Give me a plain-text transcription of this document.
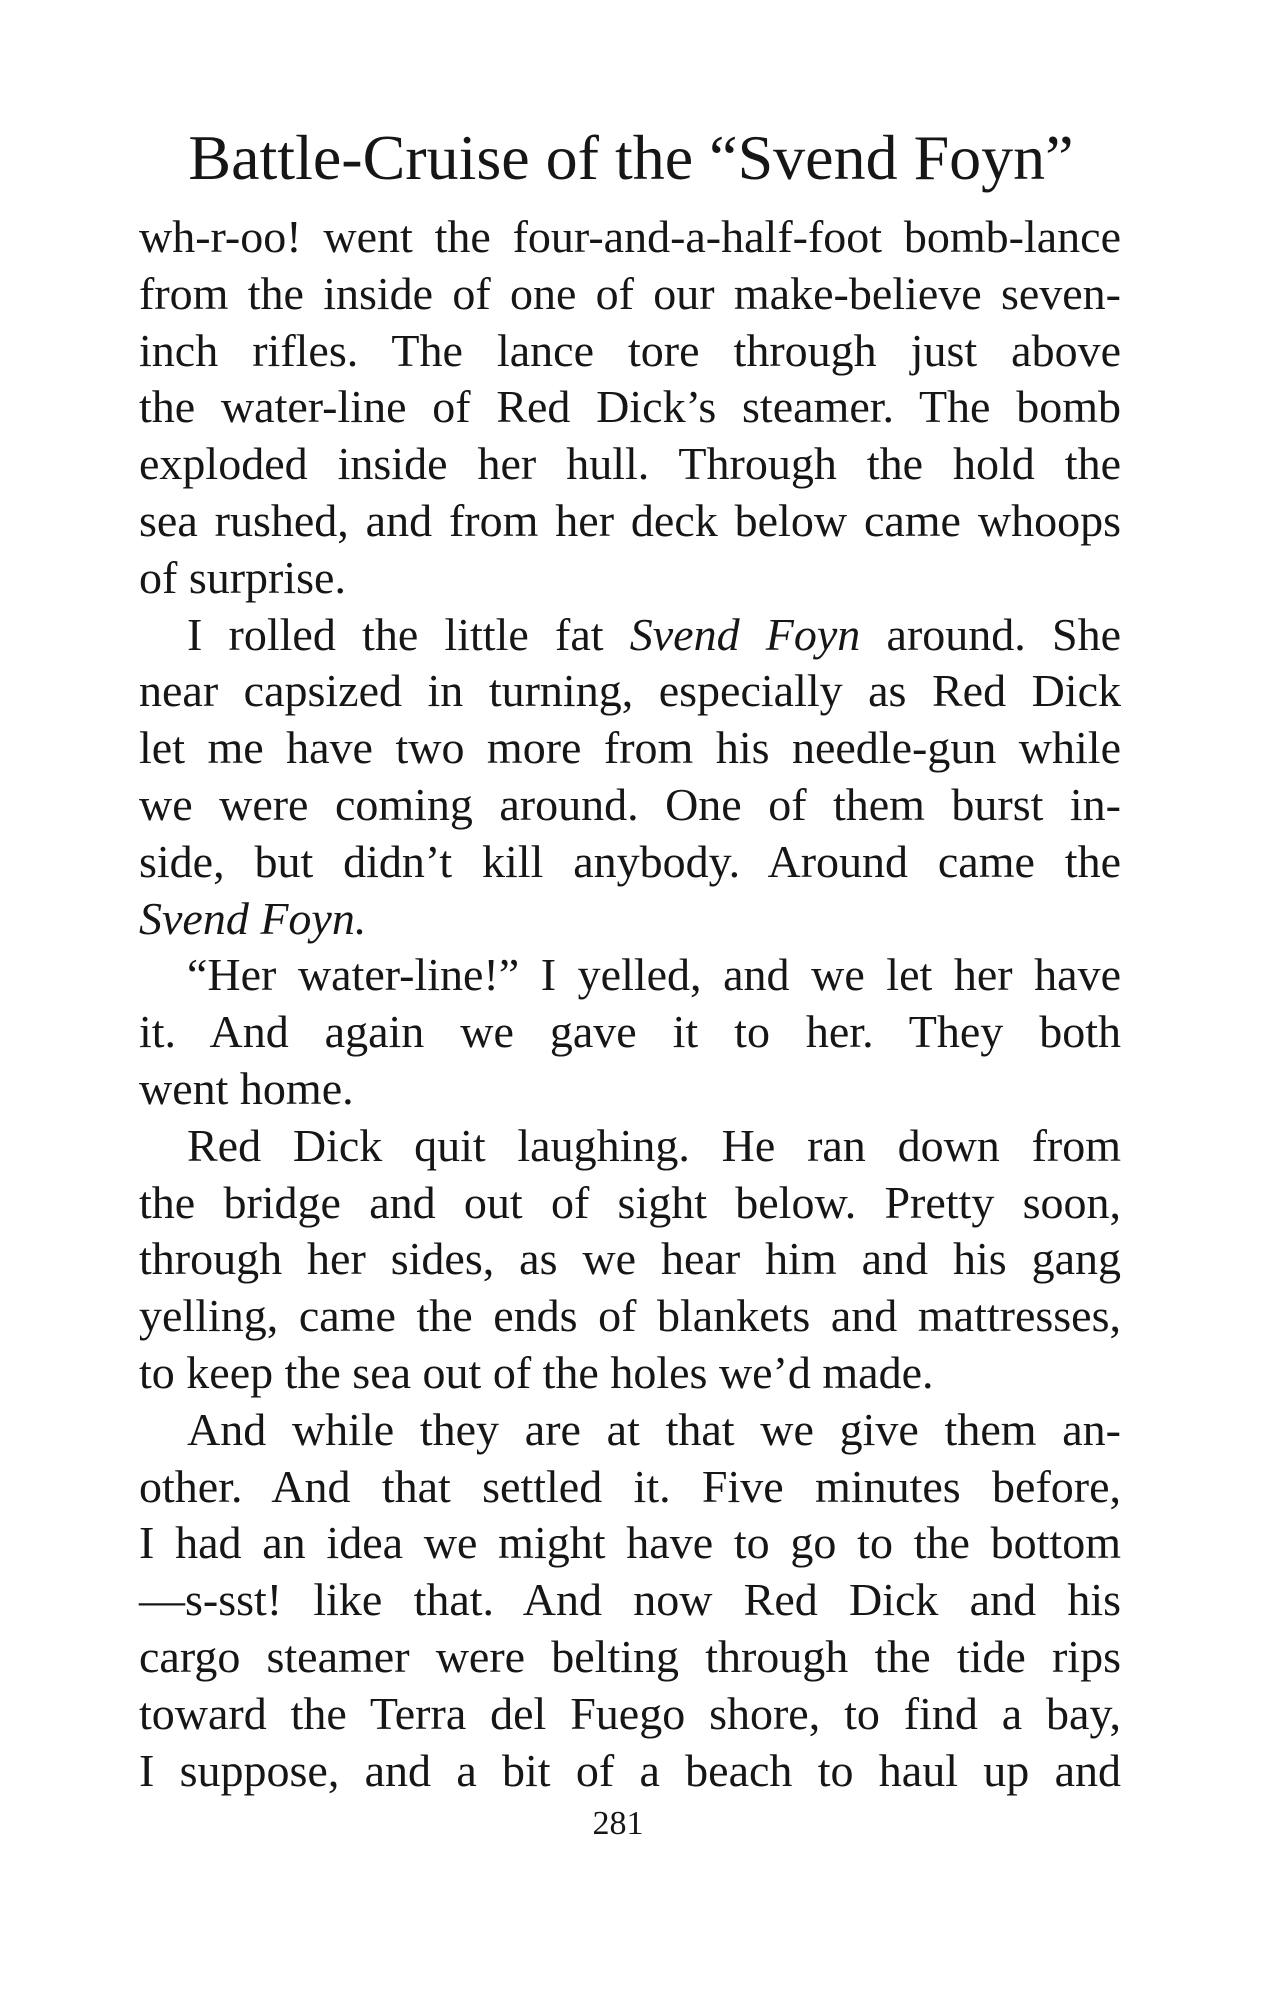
Battle-Cruise of the “Svend Foyn”
wh-r-oo! went the four-and-a-half-foot bomb-lance
from the inside of one of our make-believe seven-
inch rifles. The lance tore through just above
the water-line of Red Dick’s steamer. The bomb
exploded inside her hull. Through the hold the
sea rushed, and from her deck below came whoops
of surprise.
I rolled the little fat Svend Foyn around. She
near capsized in turning, especially as Red Dick
let me have two more from his needle-gun while
we were coming around. One of them burst in-
side, but didn’t kill anybody. Around came the
Svend Foyn.
“Her water-line!” I yelled, and we let her have
it. And again we gave it to her. They both
went home.
Red Dick quit laughing. He ran down from
the bridge and out of sight below. Pretty soon,
through her sides, as we hear him and his gang
yelling, came the ends of blankets and mattresses,
to keep the sea out of the holes we’d made.
And while they are at that we give them an-
other. And that settled it. Five minutes before,
I had an idea we might have to go to the bottom
—s-sst! like that. And now Red Dick and his
cargo steamer were belting through the tide rips
toward the Terra del Fuego shore, to find a bay,
I suppose, and a bit of a beach to haul up and
281
